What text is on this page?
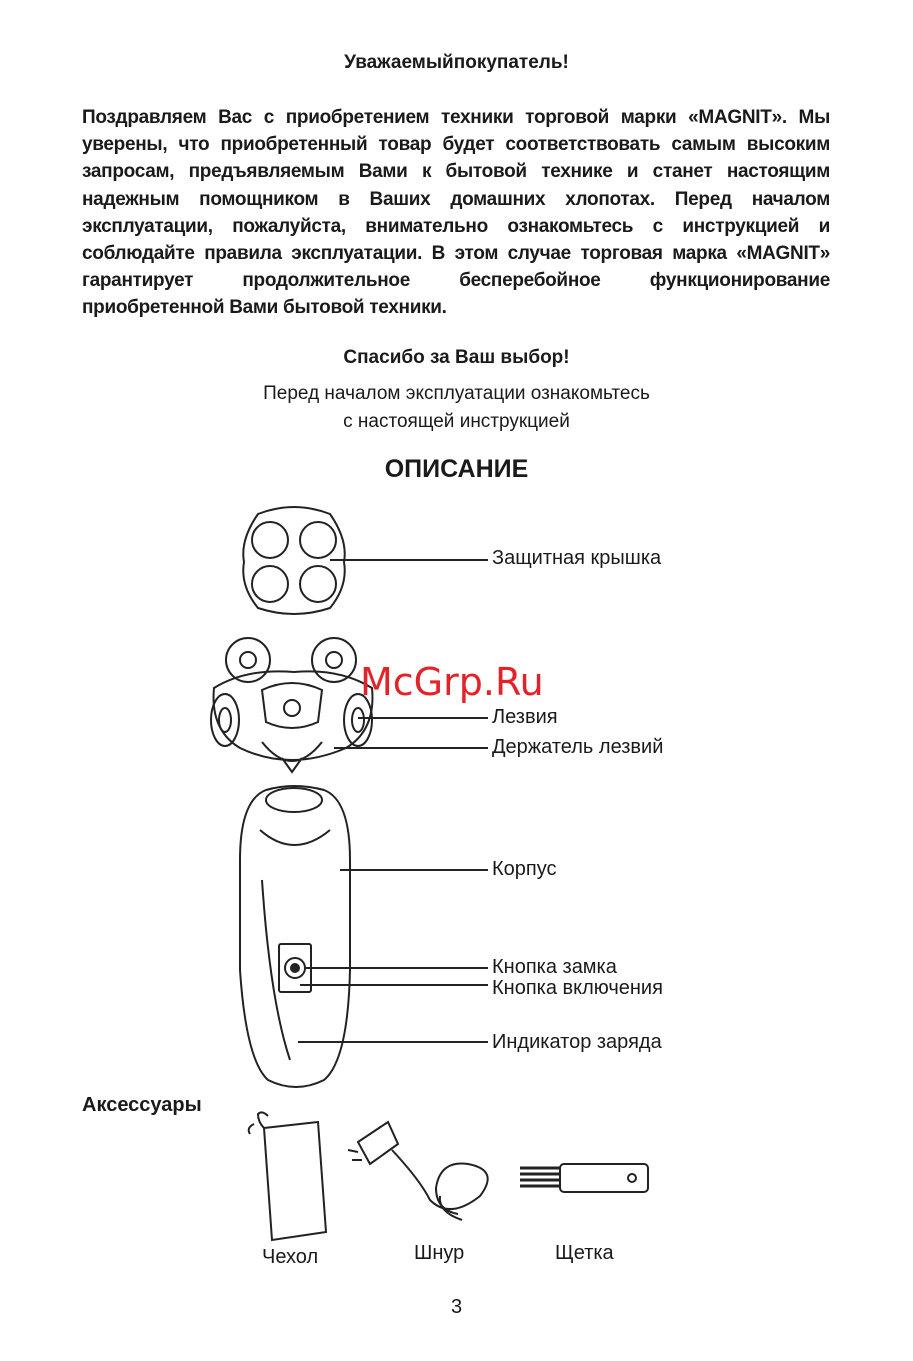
Уважаемыйпокупатель!

Поздравляем Вас с приобретением техники торговой марки «MAGNIT». Мы уверены, что приобретенный товар будет соответствовать самым высоким запросам, предъявляемым Вами к бытовой технике и станет настоящим надежным помощником в Ваших домашних хлопотах. Перед началом эксплуатации, пожалуйста, внимательно ознакомьтесь с инструкцией и соблюдайте правила эксплуатации. В этом случае торговая марка «MAGNIT» гарантирует продолжительное бесперебойное функционирование приобретенной Вами бытовой техники.

Спасибо за Ваш выбор!
Перед началом эксплуатации ознакомьтесь
с настоящей инструкцией
ОПИСАНИЕ
Защитная крышка
Лезвия
Держатель лезвий
Корпус
Кнопка замка
Кнопка включения
Индикатор заряда
Аксессуары
Чехол	Шнур	Щетка
3
McGrp.Ru
